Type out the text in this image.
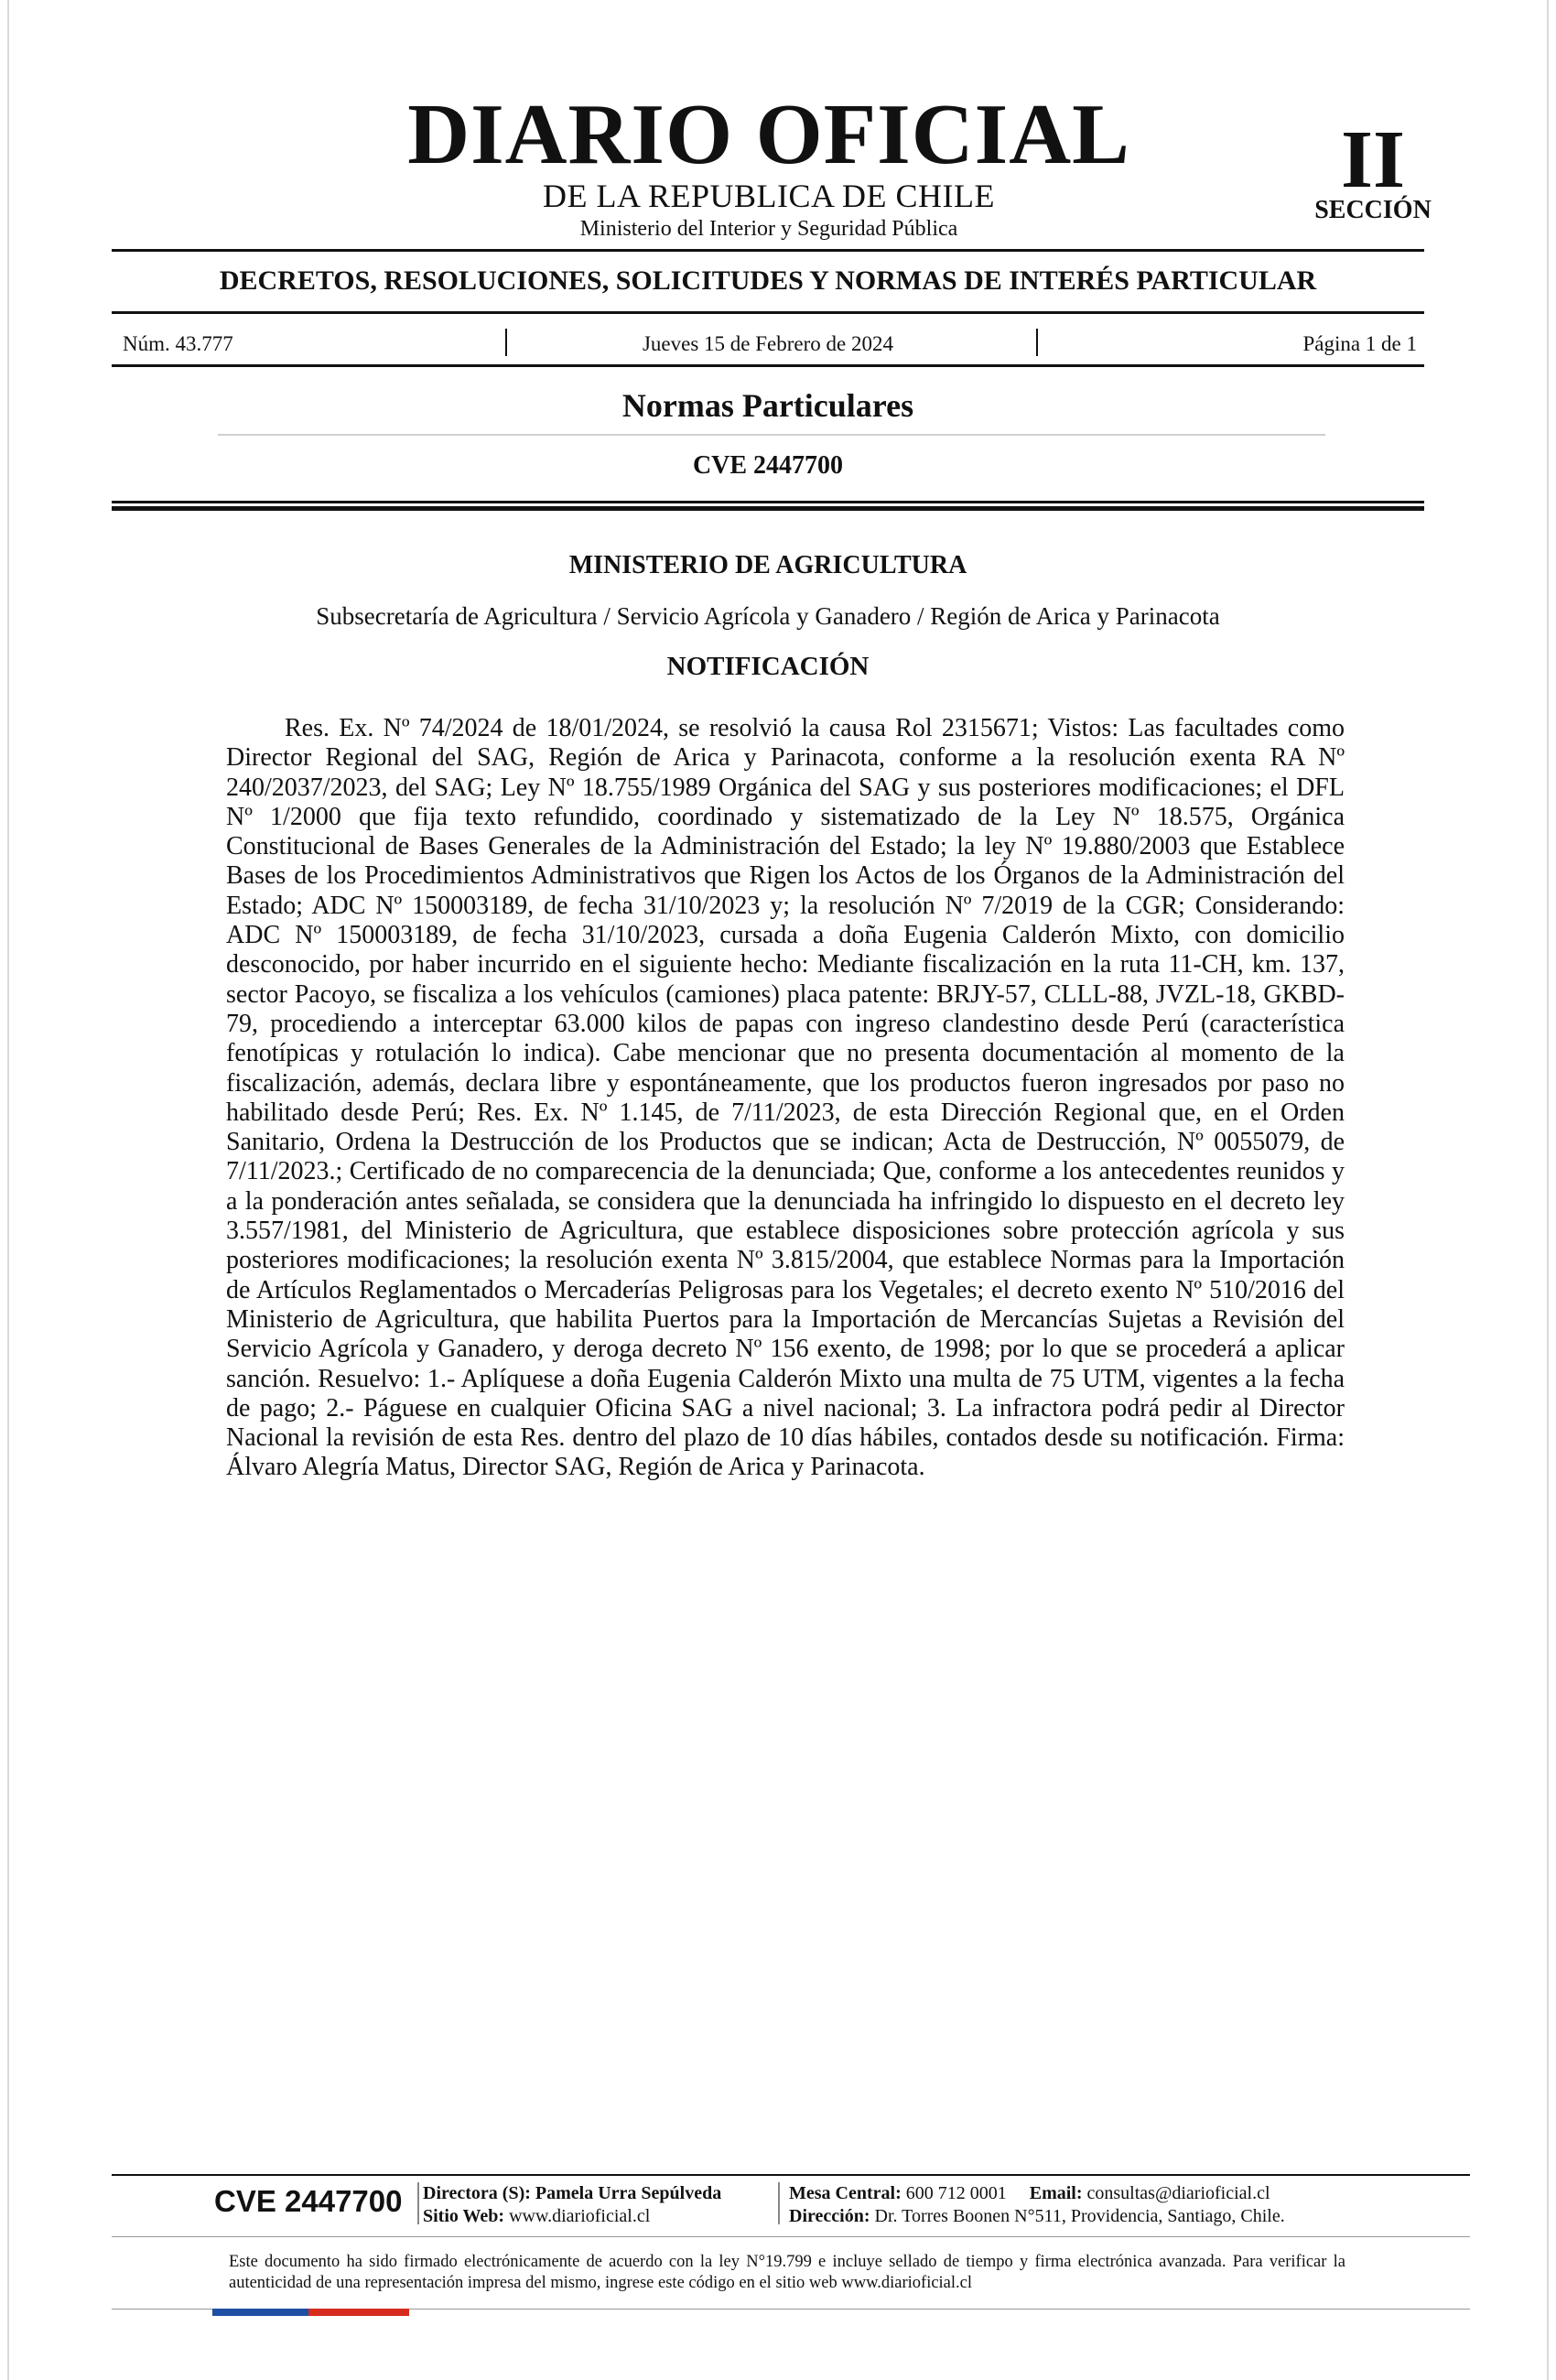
DIARIO OFICIAL
DE LA REPUBLICA DE CHILE
Ministerio del Interior y Seguridad Pública
II
SECCIÓN
DECRETOS, RESOLUCIONES, SOLICITUDES Y NORMAS DE INTERÉS PARTICULAR
Núm. 43.777	Jueves 15 de Febrero de 2024	Página 1 de 1
Normas Particulares
CVE 2447700
MINISTERIO DE AGRICULTURA
Subsecretaría de Agricultura / Servicio Agrícola y Ganadero / Región de Arica y Parinacota
NOTIFICACIÓN

Res. Ex. Nº 74/2024 de 18/01/2024, se resolvió la causa Rol 2315671; Vistos: Las facultades como Director Regional del SAG, Región de Arica y Parinacota, conforme a la resolución exenta RA Nº 240/2037/2023, del SAG; Ley Nº 18.755/1989 Orgánica del SAG y sus posteriores modificaciones; el DFL Nº 1/2000 que fija texto refundido, coordinado y sistematizado de la Ley Nº 18.575, Orgánica Constitucional de Bases Generales de la Administración del Estado; la ley Nº 19.880/2003 que Establece Bases de los Procedimientos Administrativos que Rigen los Actos de los Órganos de la Administración del Estado; ADC Nº 150003189, de fecha 31/10/2023 y; la resolución Nº 7/2019 de la CGR; Considerando: ADC Nº 150003189, de fecha 31/10/2023, cursada a doña Eugenia Calderón Mixto, con domicilio desconocido, por haber incurrido en el siguiente hecho: Mediante fiscalización en la ruta 11-CH, km. 137, sector Pacoyo, se fiscaliza a los vehículos (camiones) placa patente: BRJY-57, CLLL-88, JVZL-18, GKBD-79, procediendo a interceptar 63.000 kilos de papas con ingreso clandestino desde Perú (característica fenotípicas y rotulación lo indica). Cabe mencionar que no presenta documentación al momento de la fiscalización, además, declara libre y espontáneamente, que los productos fueron ingresados por paso no habilitado desde Perú; Res. Ex. Nº 1.145, de 7/11/2023, de esta Dirección Regional que, en el Orden Sanitario, Ordena la Destrucción de los Productos que se indican; Acta de Destrucción, Nº 0055079, de 7/11/2023.; Certificado de no comparecencia de la denunciada; Que, conforme a los antecedentes reunidos y a la ponderación antes señalada, se considera que la denunciada ha infringido lo dispuesto en el decreto ley 3.557/1981, del Ministerio de Agricultura, que establece disposiciones sobre protección agrícola y sus posteriores modificaciones; la resolución exenta Nº 3.815/2004, que establece Normas para la Importación de Artículos Reglamentados o Mercaderías Peligrosas para los Vegetales; el decreto exento Nº 510/2016 del Ministerio de Agricultura, que habilita Puertos para la Importación de Mercancías Sujetas a Revisión del Servicio Agrícola y Ganadero, y deroga decreto Nº 156 exento, de 1998; por lo que se procederá a aplicar sanción. Resuelvo: 1.- Aplíquese a doña Eugenia Calderón Mixto una multa de 75 UTM, vigentes a la fecha de pago; 2.- Páguese en cualquier Oficina SAG a nivel nacional; 3. La infractora podrá pedir al Director Nacional la revisión de esta Res. dentro del plazo de 10 días hábiles, contados desde su notificación. Firma: Álvaro Alegría Matus, Director SAG, Región de Arica y Parinacota.

CVE 2447700 Directora (S): Pamela Urra Sepúlveda
Sitio Web: www.diarioficial.cl
Mesa Central: 600 712 0001 Email: consultas@diarioficial.cl
Dirección: Dr. Torres Boonen N°511, Providencia, Santiago, Chile.

Este documento ha sido firmado electrónicamente de acuerdo con la ley N°19.799 e incluye sellado de tiempo y firma electrónica avanzada. Para verificar la autenticidad de una representación impresa del mismo, ingrese este código en el sitio web www.diarioficial.cl
